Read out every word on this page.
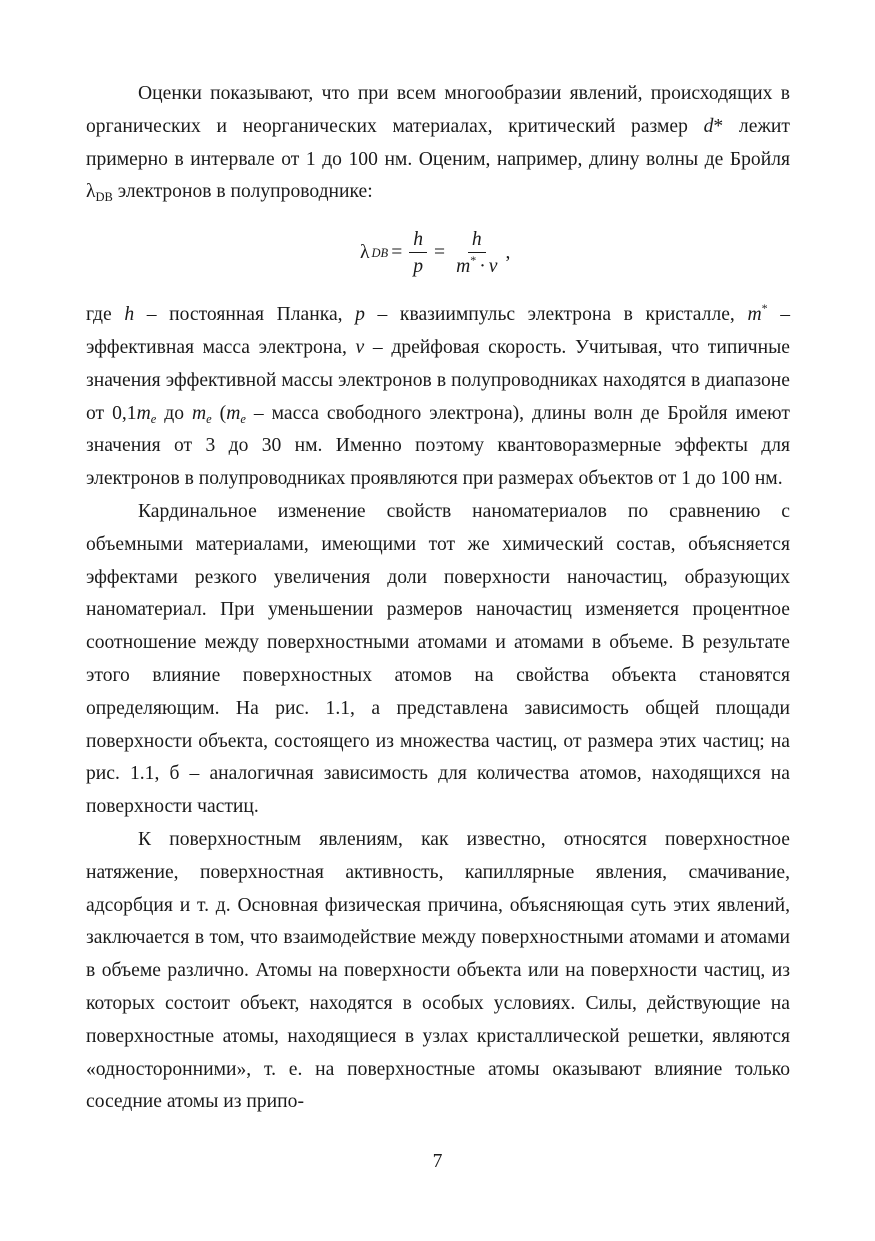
Оценки показывают, что при всем многообразии явлений, происходящих в органических и неорганических материалах, критический размер d* лежит примерно в интервале от 1 до 100 нм. Оценим, например, длину волны де Бройля $\lambda_{DB}$ электронов в полупроводнике:

λ DB = $\frac{h}{p} = \frac{h}{m^* \cdot v}$ ,

где h – постоянная Планка, p – квазиимпульс электрона в кристалле, m* – эффективная масса электрона, v – дрейфовая скорость. Учитывая, что типичные значения эффективной массы электронов в полупроводниках находятся в диапазоне от $0,1m_e$ до $m_e$ ($m_e$ – масса свободного электрона), длины волн де Бройля имеют значения от 3 до 30 нм. Именно поэтому квантоворазмерные эффекты для электронов в полупроводниках проявляются при размерах объектов от 1 до 100 нм.

Кардинальное изменение свойств наноматериалов по сравнению с объемными материалами, имеющими тот же химический состав, объясняется эффектами резкого увеличения доли поверхности наночастиц, образующих наноматериал. При уменьшении размеров наночастиц изменяется процентное соотношение между поверхностными атомами и атомами в объеме. В результате этого влияние поверхностных атомов на свойства объекта становятся определяющим. На рис. 1.1, а представлена зависимость общей площади поверхности объекта, состоящего из множества частиц, от размера этих частиц; на рис. 1.1, б – аналогичная зависимость для количества атомов, находящихся на поверхности частиц.

К поверхностным явлениям, как известно, относятся поверхностное натяжение, поверхностная активность, капиллярные явления, смачивание, адсорбция и т. д. Основная физическая причина, объясняющая суть этих явлений, заключается в том, что взаимодействие между поверхностными атомами и атомами в объеме различно. Атомы на поверхности объекта или на поверхности частиц, из которых состоит объект, находятся в особых условиях. Силы, действующие на поверхностные атомы, находящиеся в узлах кристаллической решетки, являются «односторонними», т. е. на поверхностные атомы оказывают влияние только соседние атомы из припо-

7
